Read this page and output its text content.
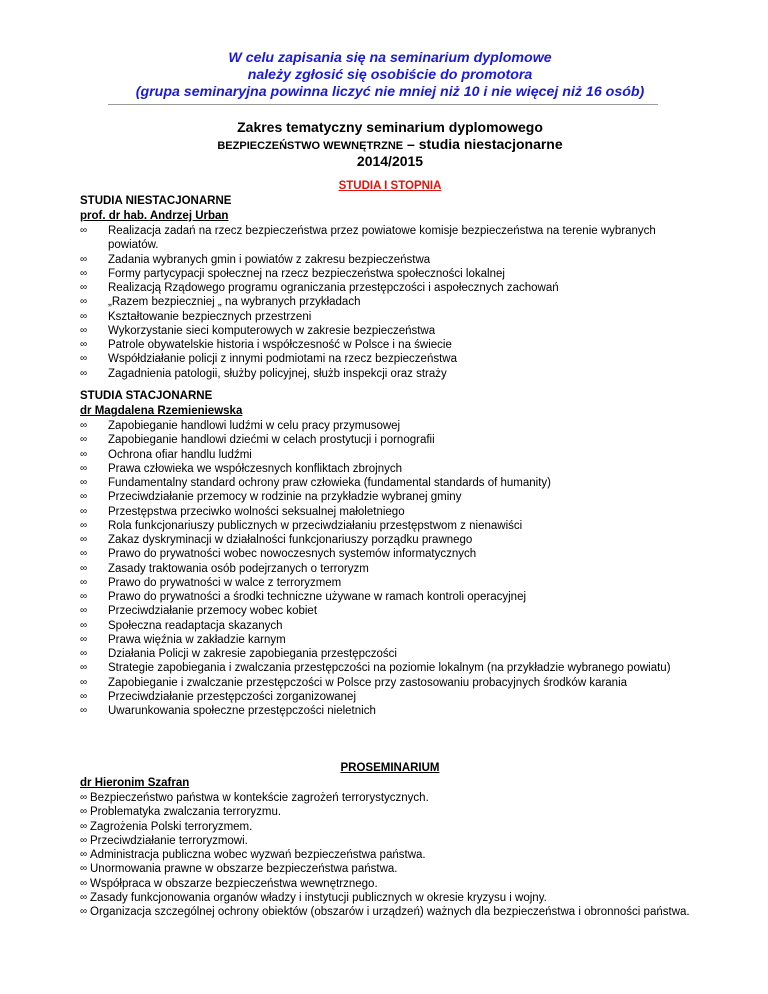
W celu zapisania się na seminarium dyplomowe
należy zgłosić się osobiście do promotora
(grupa seminaryjna powinna liczyć nie mniej niż 10 i nie więcej niż 16 osób)
Zakres tematyczny seminarium dyplomowego
BEZPIECZEŃSTWO WEWNĘTRZNE – studia niestacjonarne
2014/2015
STUDIA I STOPNIA
STUDIA NIESTACJONARNE
prof. dr hab. Andrzej Urban
∞ Realizacja zadań na rzecz bezpieczeństwa przez powiatowe komisje bezpieczeństwa na terenie wybranych powiatów.
∞ Zadania wybranych gmin i powiatów z zakresu bezpieczeństwa
∞ Formy partycypacji społecznej na rzecz bezpieczeństwa społeczności lokalnej
∞ Realizacją Rządowego programu ograniczania przestępczości i aspołecznych zachowań
∞ „Razem bezpieczniej „ na wybranych przykładach
∞ Kształtowanie bezpiecznych przestrzeni
∞ Wykorzystanie sieci komputerowych w zakresie bezpieczeństwa
∞ Patrole obywatelskie historia i współczesność w Polsce i na świecie
∞ Współdziałanie policji z innymi podmiotami na rzecz bezpieczeństwa
∞ Zagadnienia patologii, służby policyjnej, służb inspekcji oraz straży
STUDIA STACJONARNE
dr Magdalena Rzemieniewska
∞ Zapobieganie handlowi ludźmi w celu pracy przymusowej
∞ Zapobieganie handlowi dziećmi w celach prostytucji i pornografii
∞ Ochrona ofiar handlu ludźmi
∞ Prawa człowieka we współczesnych konfliktach zbrojnych
∞ Fundamentalny standard ochrony praw człowieka (fundamental standards of humanity)
∞ Przeciwdziałanie przemocy w rodzinie na przykładzie wybranej gminy
∞ Przestępstwa przeciwko wolności seksualnej małoletniego
∞ Rola funkcjonariuszy publicznych w przeciwdziałaniu przestępstwom z nienawiści
∞ Zakaz dyskryminacji w działalności funkcjonariuszy porządku prawnego
∞ Prawo do prywatności wobec nowoczesnych systemów informatycznych
∞ Zasady traktowania osób podejrzanych o terroryzm
∞ Prawo do prywatności w walce z terroryzmem
∞ Prawo do prywatności a środki techniczne używane w ramach kontroli operacyjnej
∞ Przeciwdziałanie przemocy wobec kobiet
∞ Społeczna readaptacja skazanych
∞ Prawa więźnia w zakładzie karnym
∞ Działania Policji w zakresie zapobiegania przestępczości
∞ Strategie zapobiegania i zwalczania przestępczości na poziomie lokalnym (na przykładzie wybranego powiatu)
∞ Zapobieganie i zwalczanie przestępczości w Polsce przy zastosowaniu probacyjnych środków karania
∞ Przeciwdziałanie przestępczości zorganizowanej
∞ Uwarunkowania społeczne przestępczości nieletnich
PROSEMINARIUM
dr Hieronim Szafran
∞ Bezpieczeństwo państwa w kontekście zagrożeń terrorystycznych.
∞ Problematyka zwalczania terroryzmu.
∞ Zagrożenia Polski terroryzmem.
∞ Przeciwdziałanie terroryzmowi.
∞ Administracja publiczna wobec wyzwań bezpieczeństwa państwa.
∞ Unormowania prawne w obszarze bezpieczeństwa państwa.
∞ Współpraca w obszarze bezpieczeństwa wewnętrznego.
∞ Zasady funkcjonowania organów władzy i instytucji publicznych w okresie kryzysu i wojny.
∞ Organizacja szczególnej ochrony obiektów (obszarów i urządzeń) ważnych dla bezpieczeństwa i obronności państwa.
